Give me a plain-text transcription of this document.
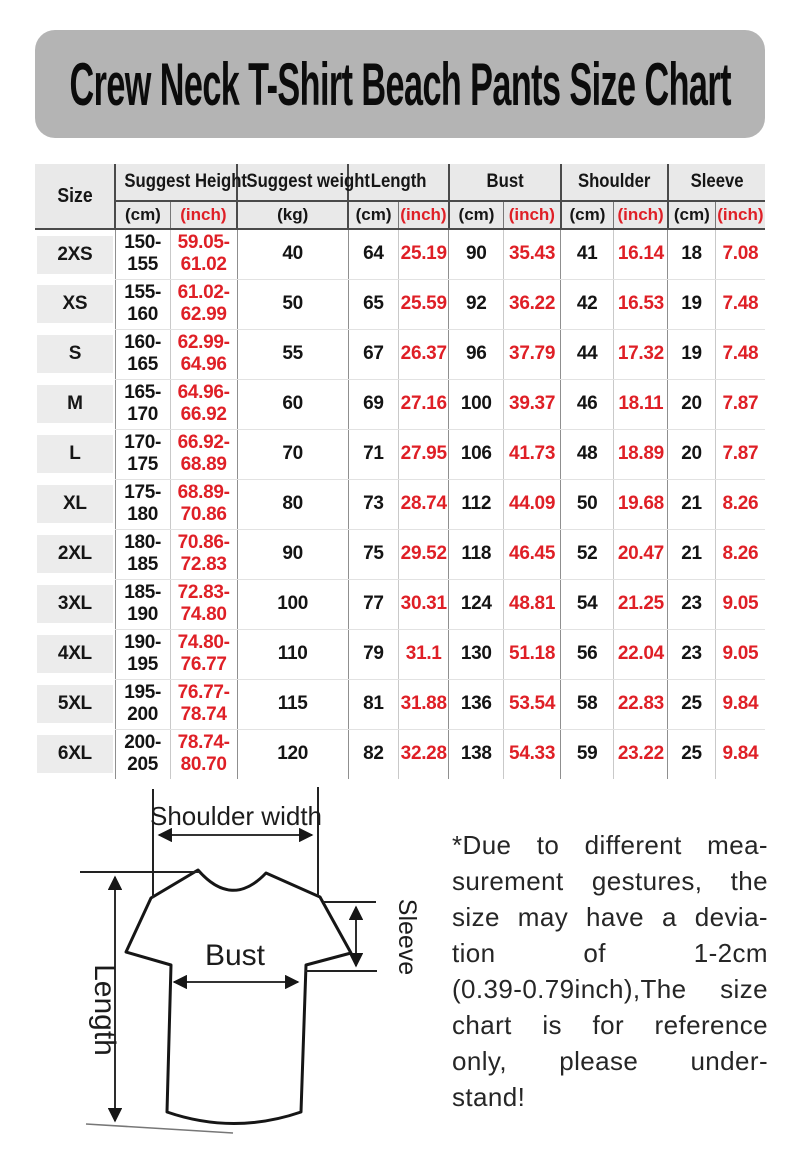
Crew Neck T-Shirt Beach Pants Size Chart
Size	Suggest Height		Suggest weight	Length		Bust		Shoulder		Sleeve	
	(cm)	(inch)	(kg)	(cm)	(inch)	(cm)	(inch)	(cm)	(inch)	(cm)	(inch)

2XS	150-155	59.05-61.02	40	64	25.19	90	35.43	41	16.14	18	7.08

XS	155-160	61.02-62.99	50	65	25.59	92	36.22	42	16.53	19	7.48

S	160-165	62.99-64.96	55	67	26.37	96	37.79	44	17.32	19	7.48

M	165-170	64.96-66.92	60	69	27.16	100	39.37	46	18.11	20	7.87

L	170-175	66.92-68.89	70	71	27.95	106	41.73	48	18.89	20	7.87

XL	175-180	68.89-70.86	80	73	28.74	112	44.09	50	19.68	21	8.26

2XL	180-185	70.86-72.83	90	75	29.52	118	46.45	52	20.47	21	8.26

3XL	185-190	72.83-74.80	100	77	30.31	124	48.81	54	21.25	23	9.05

4XL	190-195	74.80-76.77	110	79	31.1	130	51.18	56	22.04	23	9.05

5XL	195-200	76.77-78.74	115	81	31.88	136	53.54	58	22.83	25	9.84

6XL	200-205	78.74-80.70	120	82	32.28	138	54.33	59	23.22	25	9.84
Shoulder width
Length
Bust	Sleeve
*Due to different mea-
surement gestures, the
size may have a devia-
tion of 1-2cm
(0.39-0.79inch),The size
chart is for reference
only, please under-
stand!
